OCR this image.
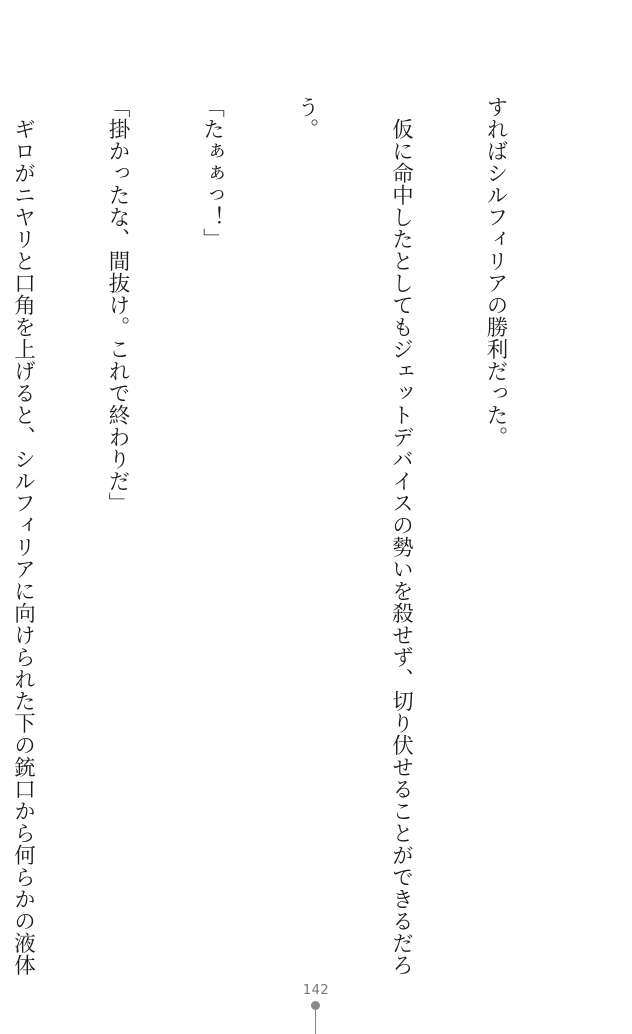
すればシルフィリアの勝利だった。

　仮に命中したとしてもジェットデバイスの勢いを殺せず、切り伏せることができるだろ

う。

「たぁぁっ！」

「掛かったな、間抜け。これで終わりだ」

　ギロがニヤリと口角を上げると、シルフィリアに向けられた下の銃口から何らかの液体

142
